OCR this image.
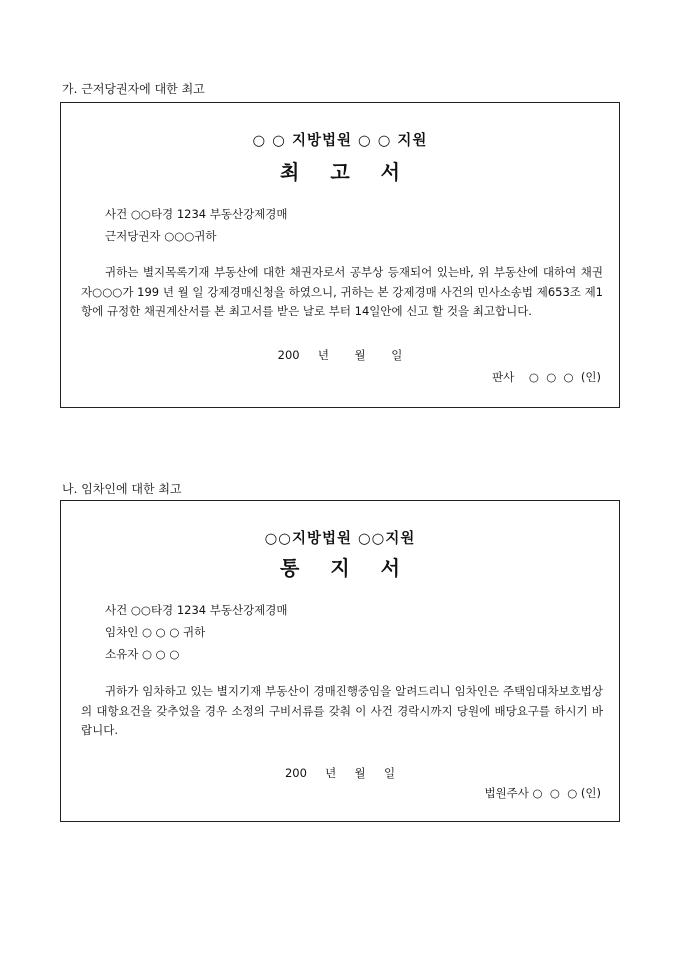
가. 근저당권자에 대한 최고
○ ○ 지방법원 ○ ○ 지원
최 고 서
사건 ○○타경 1234 부동산강제경매
근저당권자 ○○○귀하
귀하는 별지목록기재 부동산에 대한 채권자로서 공부상 등재되어 있는바, 위 부동산에 대하여 채권자○○○가 199 년 월 일 강제경매신청을 하였으니, 귀하는 본 강제경매 사건의 민사소송법 제653조 제1항에 규정한 채권계산서를 본 최고서를 받은 날로 부터 14일안에 신고 할 것을 최고합니다.
200     년       월       일
판사    ○  ○  ○  (인)
나. 임차인에 대한 최고
○○지방법원 ○○지원
통 지 서
사건 ○○타경 1234 부동산강제경매
임차인 ○ ○ ○ 귀하
소유자 ○ ○ ○
귀하가 임차하고 있는 별지기재 부동산이 경매진행중임을 알려드리니 임차인은 주택임대차보호법상의 대항요건을 갖추었을 경우 소정의 구비서류를 갖춰 이 사건 경락시까지 당원에 배당요구를 하시기 바랍니다.
200     년     월     일
법원주사 ○  ○  ○ (인)
